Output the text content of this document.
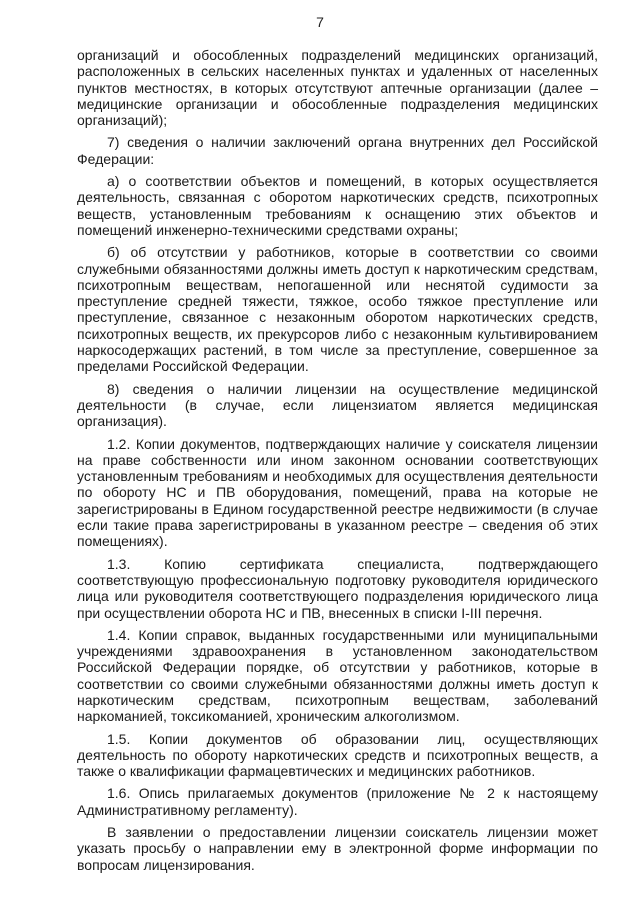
7

организаций и обособленных подразделений медицинских организаций, расположенных в сельских населенных пунктах и удаленных от населенных пунктов местностях, в которых отсутствуют аптечные организации (далее – медицинские организации и обособленные подразделения медицинских организаций);

7) сведения о наличии заключений органа внутренних дел Российской Федерации:

а) о соответствии объектов и помещений, в которых осуществляется деятельность, связанная с оборотом наркотических средств, психотропных веществ, установленным требованиям к оснащению этих объектов и помещений инженерно-техническими средствами охраны;

б) об отсутствии у работников, которые в соответствии со своими служебными обязанностями должны иметь доступ к наркотическим средствам, психотропным веществам, непогашенной или неснятой судимости за преступление средней тяжести, тяжкое, особо тяжкое преступление или преступление, связанное с незаконным оборотом наркотических средств, психотропных веществ, их прекурсоров либо с незаконным культивированием наркосодержащих растений, в том числе за преступление, совершенное за пределами Российской Федерации.

8) сведения о наличии лицензии на осуществление медицинской деятельности (в случае, если лицензиатом является медицинская организация).

1.2. Копии документов, подтверждающих наличие у соискателя лицензии на праве собственности или ином законном основании соответствующих установленным требованиям и необходимых для осуществления деятельности по обороту НС и ПВ оборудования, помещений, права на которые не зарегистрированы в Едином государственной реестре недвижимости (в случае если такие права зарегистрированы в указанном реестре – сведения об этих помещениях).

1.3. Копию сертификата специалиста, подтверждающего соответствующую профессиональную подготовку руководителя юридического лица или руководителя соответствующего подразделения юридического лица при осуществлении оборота НС и ПВ, внесенных в списки I-III перечня.

1.4. Копии справок, выданных государственными или муниципальными учреждениями здравоохранения в установленном законодательством Российской Федерации порядке, об отсутствии у работников, которые в соответствии со своими служебными обязанностями должны иметь доступ к наркотическим средствам, психотропным веществам, заболеваний наркоманией, токсикоманией, хроническим алкоголизмом.

1.5. Копии документов об образовании лиц, осуществляющих деятельность по обороту наркотических средств и психотропных веществ, а также о квалификации фармацевтических и медицинских работников.

1.6. Опись прилагаемых документов (приложение № 2 к настоящему Административному регламенту).

В заявлении о предоставлении лицензии соискатель лицензии может указать просьбу о направлении ему в электронной форме информации по вопросам лицензирования.
